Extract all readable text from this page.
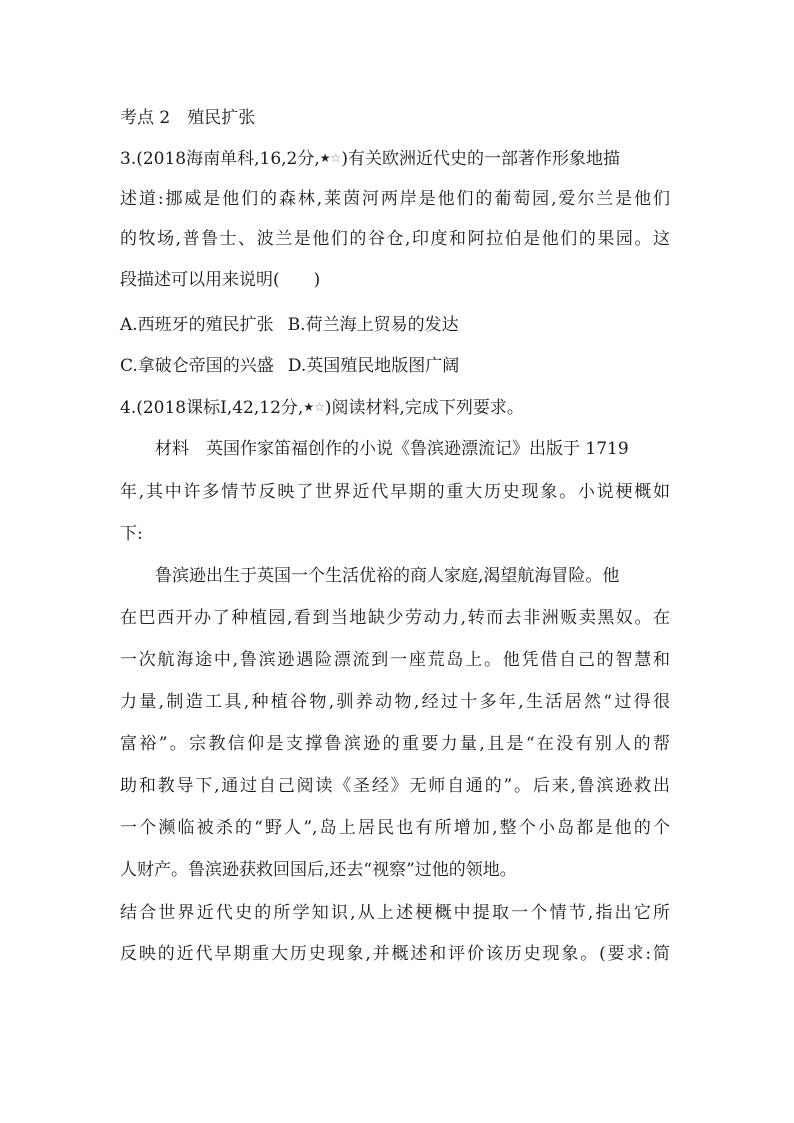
考点 2　殖民扩张
3.(2018海南单科,16,2分,★ ☆ )有关欧洲近代史的一部著作形象地描
述道:挪威是他们的森林,莱茵河两岸是他们的葡萄园,爱尔兰是他们
的牧场,普鲁士、波兰是他们的谷仓,印度和阿拉伯是他们的果园。这
段描述可以用来说明(　　)
A.西班牙的殖民扩张 B.荷兰海上贸易的发达
C.拿破仑帝国的兴盛 D.英国殖民地版图广阔
4.(2018课标Ⅰ,42,12分,★ ☆ )阅读材料,完成下列要求。
材料　英国作家笛福创作的小说《鲁滨逊漂流记》出版于 1719
年,其中许多情节反映了世界近代早期的重大历史现象。小说梗概如
下:
鲁滨逊出生于英国一个生活优裕的商人家庭,渴望航海冒险。他
在巴西开办了种植园,看到当地缺少劳动力,转而去非洲贩卖黑奴。在
一次航海途中,鲁滨逊遇险漂流到一座荒岛上。他凭借自己的智慧和
力量,制造工具,种植谷物,驯养动物,经过十多年,生活居然“过得很
富裕”。宗教信仰是支撑鲁滨逊的重要力量,且是“在没有别人的帮
助和教导下,通过自己阅读《圣经》无师自通的”。后来,鲁滨逊救出
一个濒临被杀的“野人”,岛上居民也有所增加,整个小岛都是他的个
人财产。鲁滨逊获救回国后,还去“视察”过他的领地。
结合世界近代史的所学知识,从上述梗概中提取一个情节,指出它所
反映的近代早期重大历史现象,并概述和评价该历史现象。(要求:简
